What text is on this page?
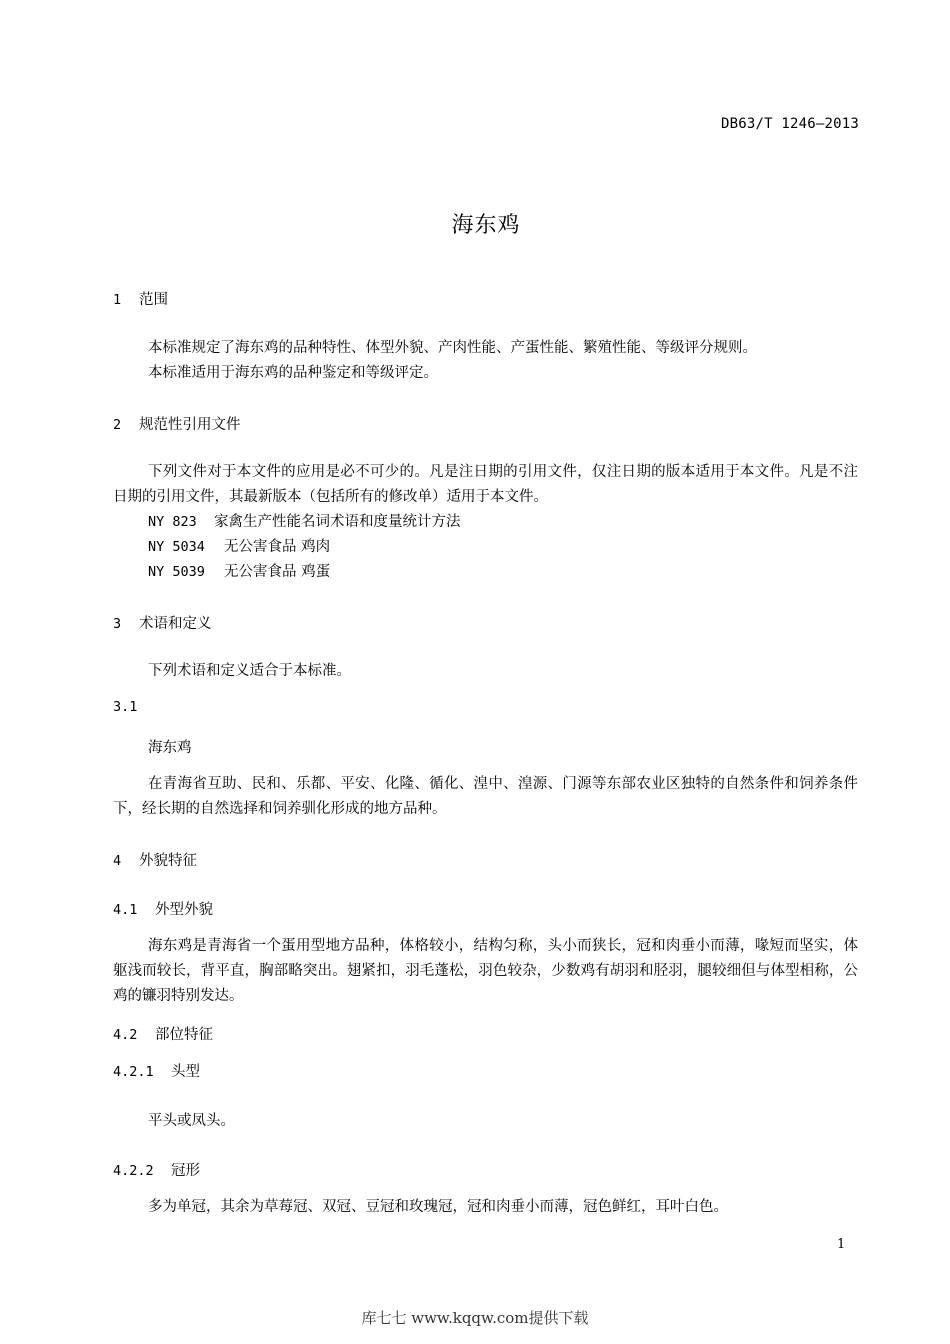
DB63/T 1246—2013
海东鸡
1 范围
本标准规定了海东鸡的品种特性、体型外貌、产肉性能、产蛋性能、繁殖性能、等级评分规则。
本标准适用于海东鸡的品种鉴定和等级评定。
2 规范性引用文件
下列文件对于本文件的应用是必不可少的。凡是注日期的引用文件，仅注日期的版本适用于本文件。凡是不注日期的引用文件，其最新版本（包括所有的修改单）适用于本文件。
NY 823 家禽生产性能名词术语和度量统计方法
NY 5034 无公害食品 鸡肉
NY 5039 无公害食品 鸡蛋
3 术语和定义
下列术语和定义适合于本标准。
3.1
海东鸡
在青海省互助、民和、乐都、平安、化隆、循化、湟中、湟源、门源等东部农业区独特的自然条件和饲养条件下，经长期的自然选择和饲养驯化形成的地方品种。
4 外貌特征
4.1 外型外貌
海东鸡是青海省一个蛋用型地方品种，体格较小，结构匀称，头小而狭长，冠和肉垂小而薄，喙短而坚实，体躯浅而较长，背平直，胸部略突出。翅紧扣，羽毛蓬松，羽色较杂，少数鸡有胡羽和胫羽，腿较细但与体型相称，公鸡的镰羽特别发达。
4.2 部位特征
4.2.1 头型
平头或凤头。
4.2.2 冠形
多为单冠，其余为草莓冠、双冠、豆冠和玫瑰冠，冠和肉垂小而薄，冠色鲜红，耳叶白色。
1
库七七 www.kqqw.com提供下载
